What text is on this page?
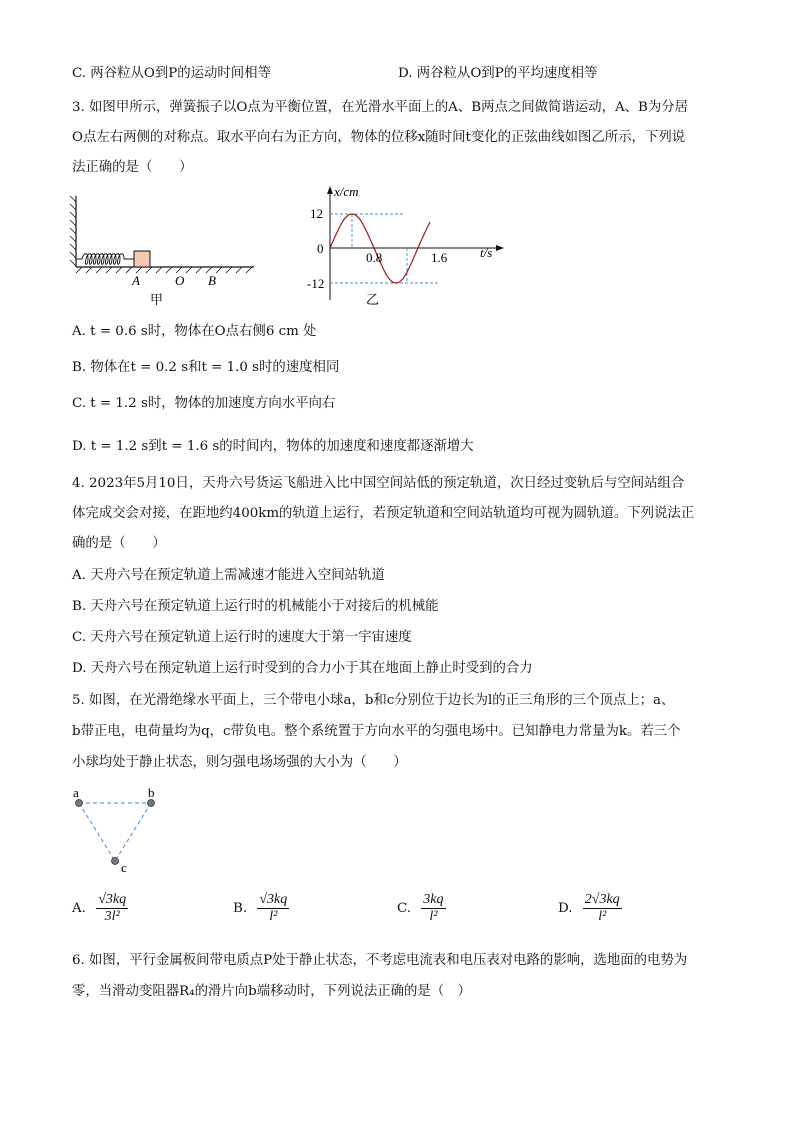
C. 两谷粒从O到P的运动时间相等	D. 两谷粒从O到P的平均速度相等
3. 如图甲所示，弹簧振子以O点为平衡位置，在光滑水平面上的A、B两点之间做简谐运动，A、B为分居
O点左右两侧的对称点。取水平向右为正方向，物体的位移x随时间t变化的正弦曲线如图乙所示，下列说
法正确的是（　　）
A	O B
甲
x/cm
t/s
12
0
-12
0.8	1.6
乙
A. t = 0.6 s时，物体在O点右侧6 cm 处
B. 物体在t = 0.2 s和t = 1.0 s时的速度相同
C. t = 1.2 s时，物体的加速度方向水平向右
D. t = 1.2 s到t = 1.6 s的时间内，物体的加速度和速度都逐渐增大
4. 2023年5月10日，天舟六号货运飞船进入比中国空间站低的预定轨道，次日经过变轨后与空间站组合
体完成交会对接，在距地约400km的轨道上运行，若预定轨道和空间站轨道均可视为圆轨道。下列说法正
确的是（　　）
A. 天舟六号在预定轨道上需减速才能进入空间站轨道
B. 天舟六号在预定轨道上运行时的机械能小于对接后的机械能
C. 天舟六号在预定轨道上运行时的速度大于第一宇宙速度
D. 天舟六号在预定轨道上运行时受到的合力小于其在地面上静止时受到的合力
5. 如图，在光滑绝缘水平面上，三个带电小球a，b和c分别位于边长为l的正三角形的三个顶点上；a、
b带正电，电荷量均为q，c带负电。整个系统置于方向水平的匀强电场中。已知静电力常量为k。若三个
小球均处于静止状态，则匀强电场场强的大小为（　　）
a	b
c
A. $\frac{√3kq}{\text{3l²}}$	B. $\frac{√3kq}{\text{l²}}$	C. $\frac{3kq}{\text{l²}}$	D. $\frac{2√3kq}{\text{l²}}$
6. 如图，平行金属板间带电质点P处于静止状态，不考虑电流表和电压表对电路的影响，选地面的电势为
零，当滑动变阻器R₄的滑片向b端移动时，下列说法正确的是（　）
